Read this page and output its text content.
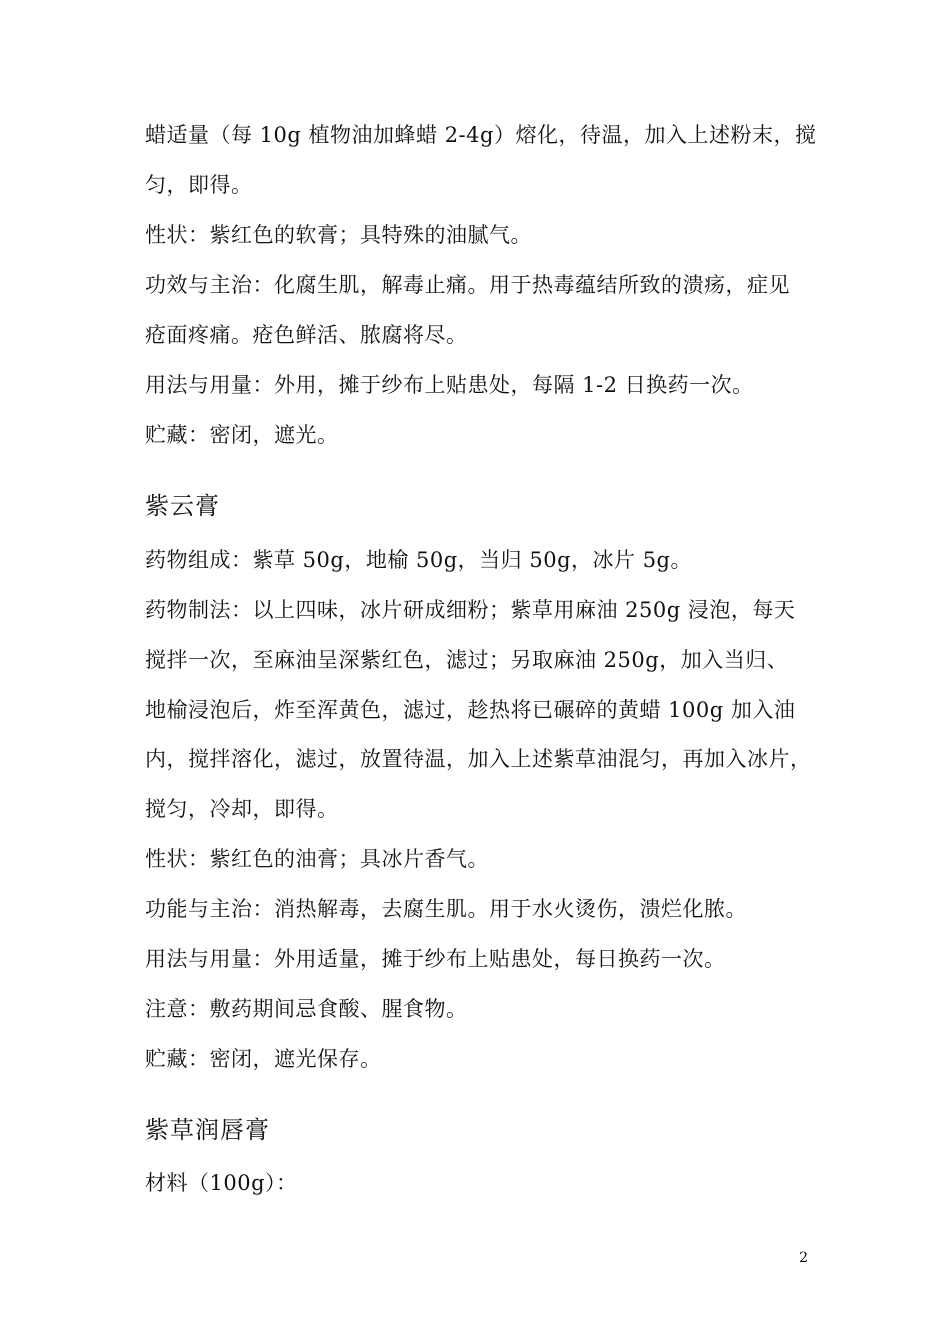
蜡适量（每 10g 植物油加蜂蜡 2-4g）熔化，待温，加入上述粉末，搅
匀，即得。
性状：紫红色的软膏；具特殊的油腻气。
功效与主治：化腐生肌，解毒止痛。用于热毒蕴结所致的溃疡，症见
疮面疼痛。疮色鲜活、脓腐将尽。
用法与用量：外用，摊于纱布上贴患处，每隔 1-2 日换药一次。
贮藏：密闭，遮光。
紫云膏
药物组成：紫草 50g，地榆 50g，当归 50g，冰片 5g。
药物制法：以上四味，冰片研成细粉；紫草用麻油 250g 浸泡，每天
搅拌一次，至麻油呈深紫红色，滤过；另取麻油 250g，加入当归、
地榆浸泡后，炸至浑黄色，滤过，趁热将已碾碎的黄蜡 100g 加入油
内，搅拌溶化，滤过，放置待温，加入上述紫草油混匀，再加入冰片，
搅匀，冷却，即得。
性状：紫红色的油膏；具冰片香气。
功能与主治：消热解毒，去腐生肌。用于水火烫伤，溃烂化脓。
用法与用量：外用适量，摊于纱布上贴患处，每日换药一次。
注意：敷药期间忌食酸、腥食物。
贮藏：密闭，遮光保存。
紫草润唇膏
材料（100g）：
2
